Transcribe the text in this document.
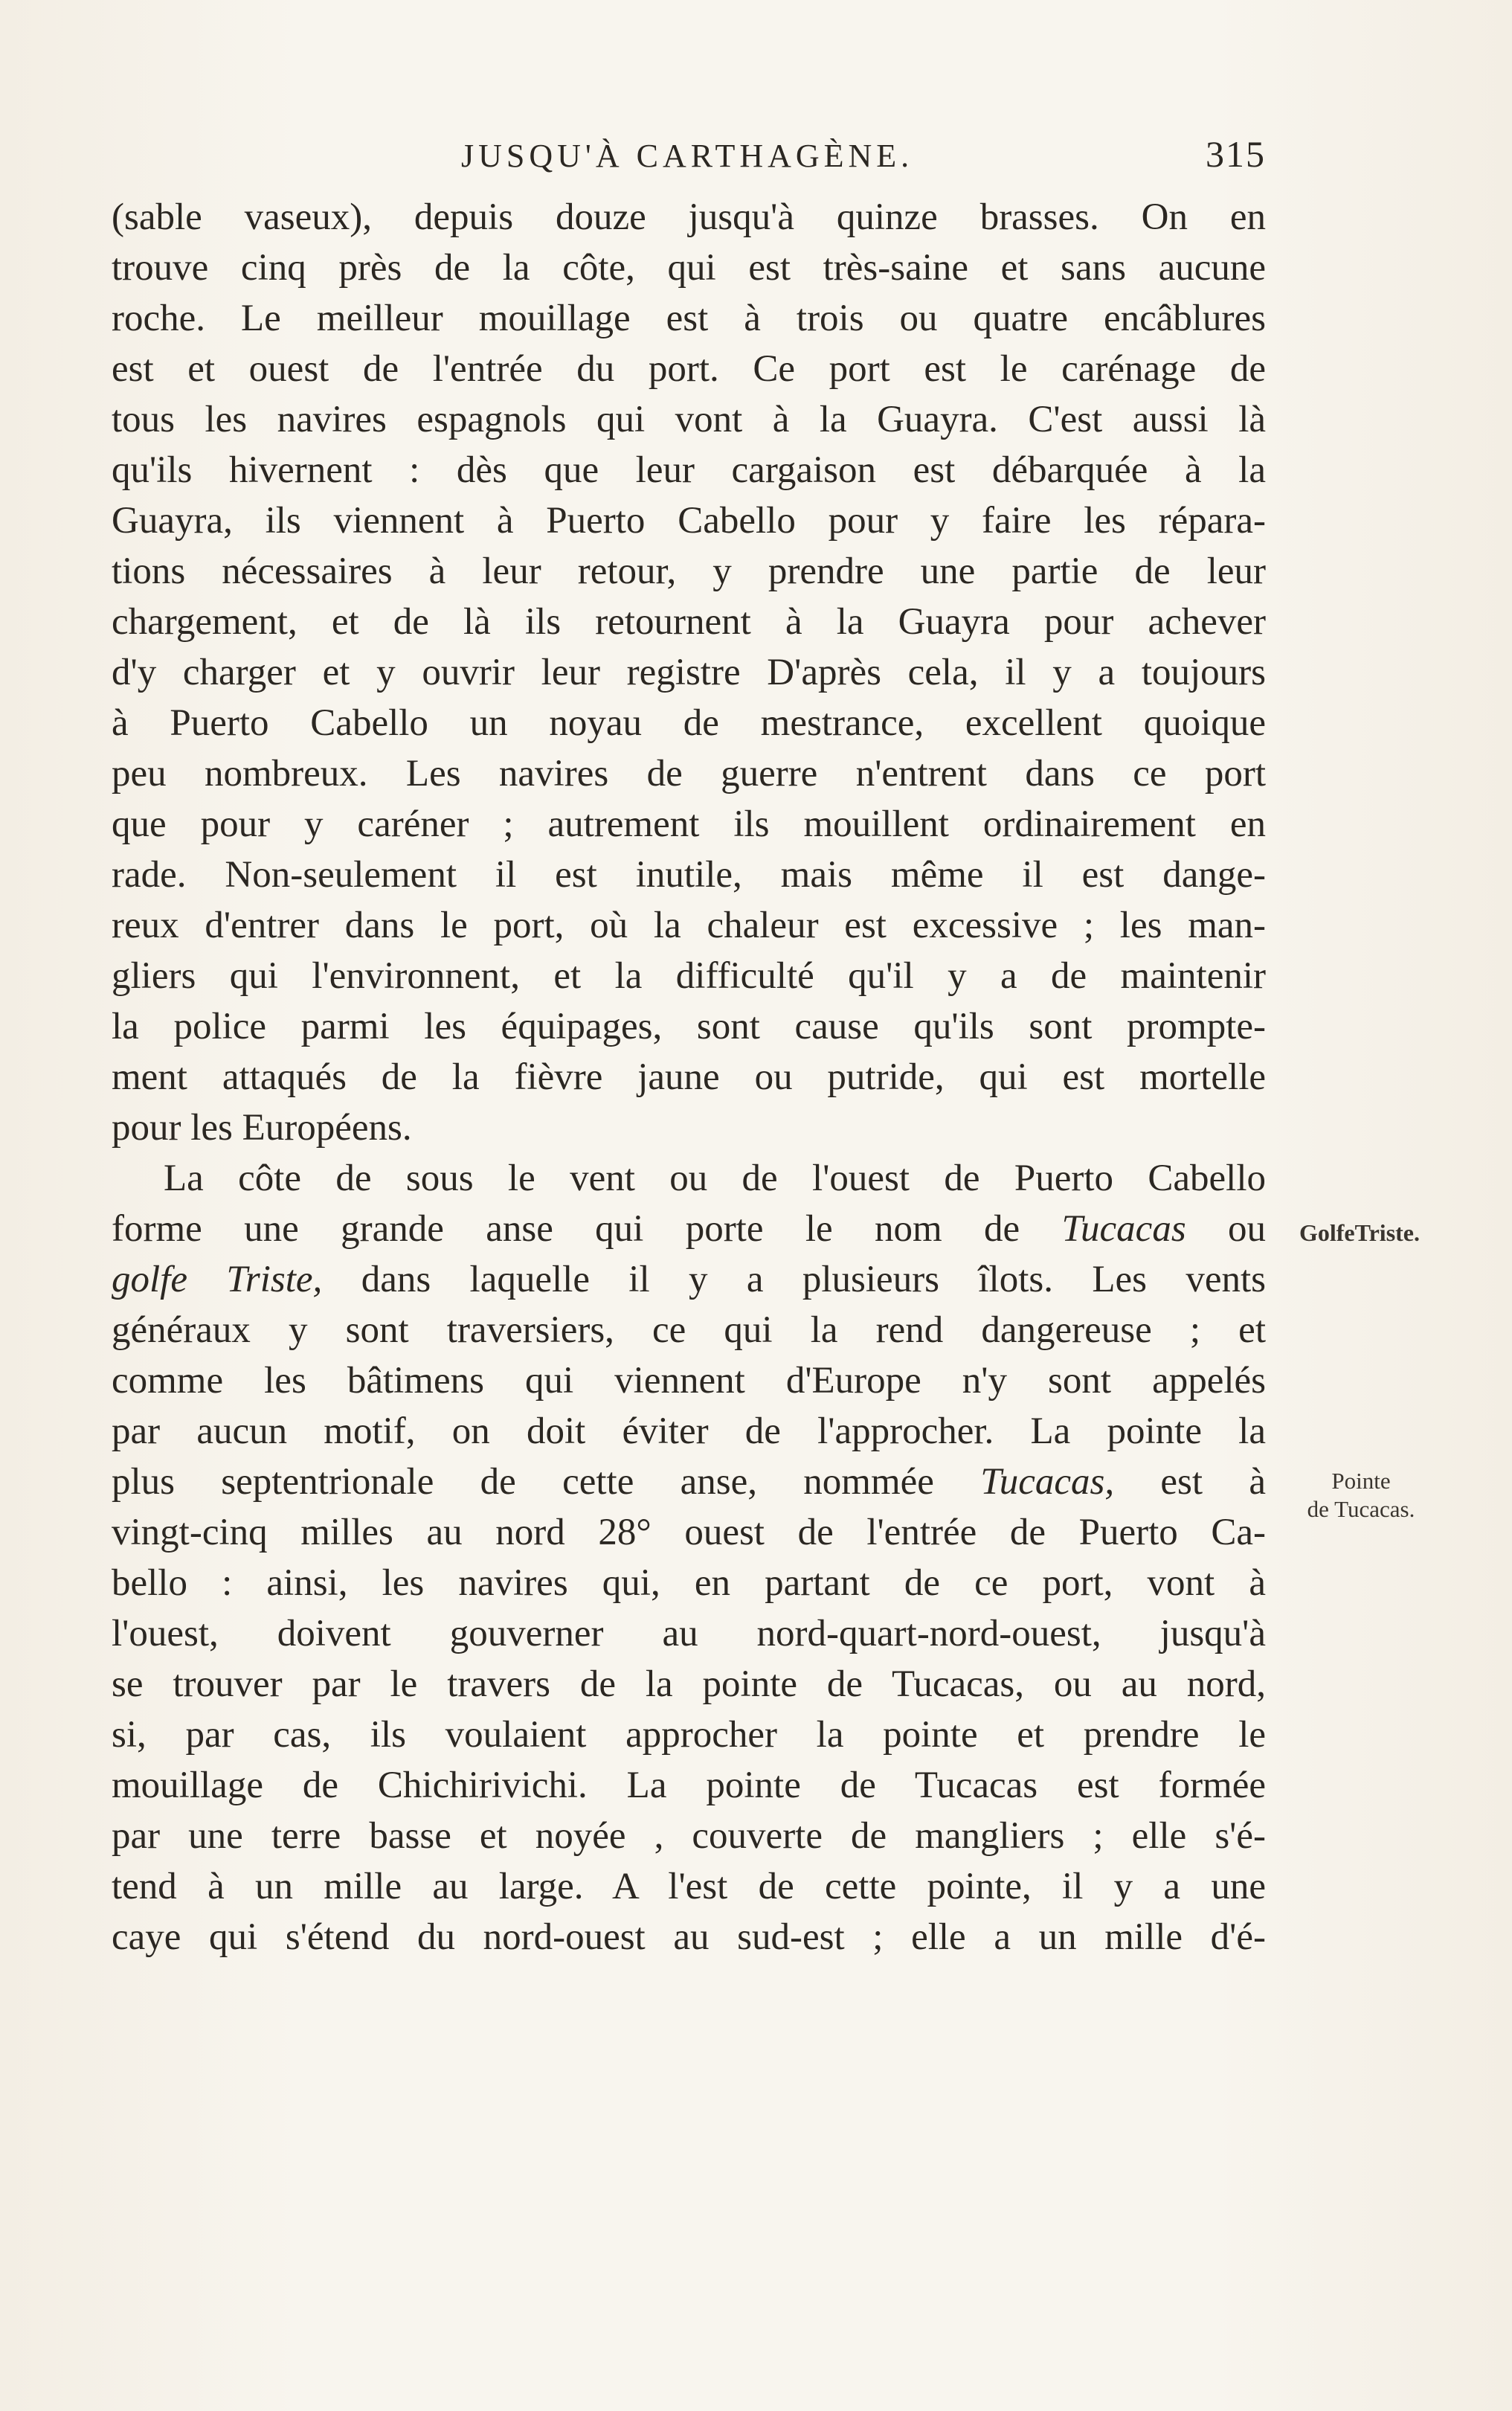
JUSQU'À CARTHAGÈNE.	315
(sable vaseux), depuis douze jusqu'à quinze brasses. On en
trouve cinq près de la côte, qui est très-saine et sans aucune
roche. Le meilleur mouillage est à trois ou quatre encâblures
est et ouest de l'entrée du port. Ce port est le carénage de
tous les navires espagnols qui vont à la Guayra. C'est aussi là
qu'ils hivernent : dès que leur cargaison est débarquée à la
Guayra, ils viennent à Puerto Cabello pour y faire les répara-
tions nécessaires à leur retour, y prendre une partie de leur
chargement, et de là ils retournent à la Guayra pour achever
d'y charger et y ouvrir leur registre D'après cela, il y a toujours
à Puerto Cabello un noyau de mestrance, excellent quoique
peu nombreux. Les navires de guerre n'entrent dans ce port
que pour y caréner ; autrement ils mouillent ordinairement en
rade. Non-seulement il est inutile, mais même il est dange-
reux d'entrer dans le port, où la chaleur est excessive ; les man-
gliers qui l'environnent, et la difficulté qu'il y a de maintenir
la police parmi les équipages, sont cause qu'ils sont prompte-
ment attaqués de la fièvre jaune ou putride, qui est mortelle
pour les Européens.
La côte de sous le vent ou de l'ouest de Puerto Cabello
forme une grande anse qui porte le nom de Tucacas ou
golfe Triste, dans laquelle il y a plusieurs îlots. Les vents
généraux y sont traversiers, ce qui la rend dangereuse ; et
comme les bâtimens qui viennent d'Europe n'y sont appelés
par aucun motif, on doit éviter de l'approcher. La pointe la
plus septentrionale de cette anse, nommée Tucacas, est à
vingt-cinq milles au nord 28° ouest de l'entrée de Puerto Ca-
bello : ainsi, les navires qui, en partant de ce port, vont à
l'ouest, doivent gouverner au nord-quart-nord-ouest, jusqu'à
se trouver par le travers de la pointe de Tucacas, ou au nord,
si, par cas, ils voulaient approcher la pointe et prendre le
mouillage de Chichirivichi. La pointe de Tucacas est formée
par une terre basse et noyée , couverte de mangliers ; elle s'é-
tend à un mille au large. A l'est de cette pointe, il y a une
caye qui s'étend du nord-ouest au sud-est ; elle a un mille d'é-
GolfeTriste.
Pointe
de Tucacas.
